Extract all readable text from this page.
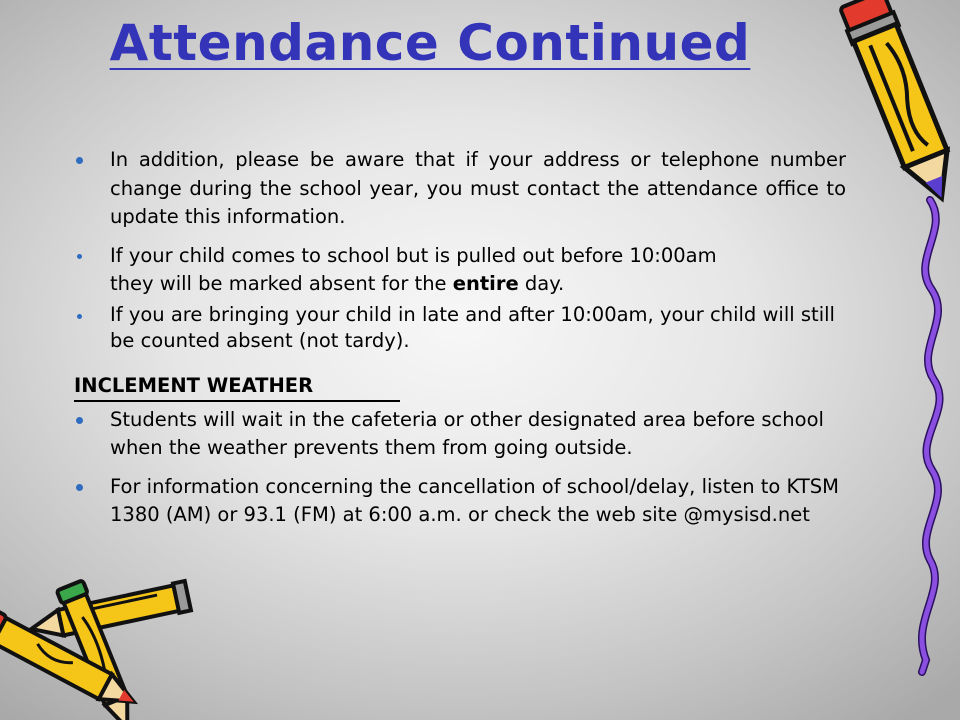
Attendance Continued
In addition, please be aware that if your address or telephone number change during the school year, you must contact the attendance office to update this information.
If your child comes to school but is pulled out before 10:00am
they will be marked absent for the entire day.
If you are bringing your child in late and after 10:00am, your child will still be counted absent (not tardy).
INCLEMENT WEATHER
Students will wait in the cafeteria or other designated area before school when the weather prevents them from going outside.
For information concerning the cancellation of school/delay, listen to KTSM 1380 (AM) or 93.1 (FM) at 6:00 a.m. or check the web site @mysisd.net
